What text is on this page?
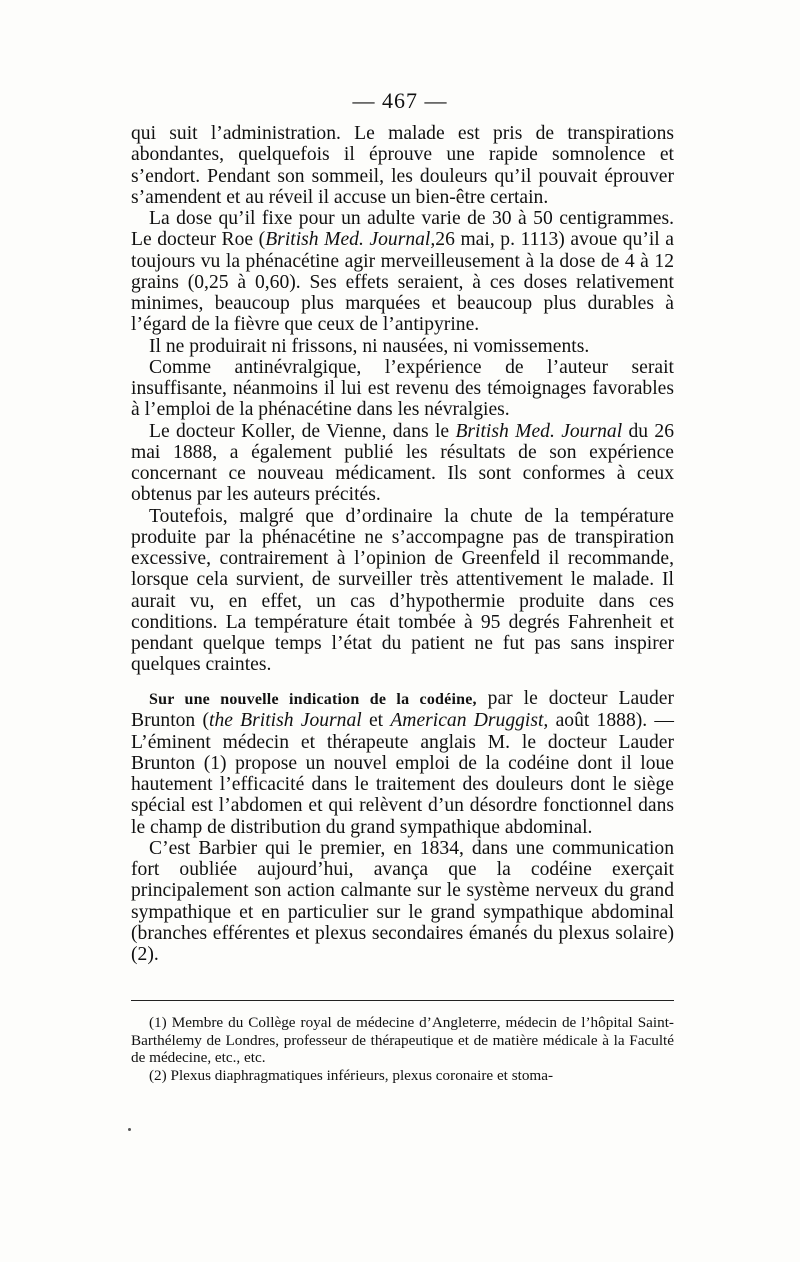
— 467 —

qui suit l’administration. Le malade est pris de transpirations abondantes, quelquefois il éprouve une rapide somnolence et s’endort. Pendant son sommeil, les douleurs qu’il pouvait éprouver s’amendent et au réveil il accuse un bien-être certain.

La dose qu’il fixe pour un adulte varie de 30 à 50 centigrammes. Le docteur Roe (British Med. Journal,26 mai, p. 1113) avoue qu’il a toujours vu la phénacétine agir merveilleusement à la dose de 4 à 12 grains (0,25 à 0,60). Ses effets seraient, à ces doses relativement minimes, beaucoup plus marquées et beaucoup plus durables à l’égard de la fièvre que ceux de l’antipyrine.

Il ne produirait ni frissons, ni nausées, ni vomissements.

Comme antinévralgique, l’expérience de l’auteur serait insuffisante, néanmoins il lui est revenu des témoignages favorables à l’emploi de la phénacétine dans les névralgies.

Le docteur Koller, de Vienne, dans le British Med. Journal du 26 mai 1888, a également publié les résultats de son expérience concernant ce nouveau médicament. Ils sont conformes à ceux obtenus par les auteurs précités.

Toutefois, malgré que d’ordinaire la chute de la température produite par la phénacétine ne s’accompagne pas de transpiration excessive, contrairement à l’opinion de Greenfeld il recommande, lorsque cela survient, de surveiller très attentivement le malade. Il aurait vu, en effet, un cas d’hypothermie produite dans ces conditions. La température était tombée à 95 degrés Fahrenheit et pendant quelque temps l’état du patient ne fut pas sans inspirer quelques craintes.

Sur une nouvelle indication de la codéine, par le docteur Lauder Brunton (the British Journal et American Druggist, août 1888). — L’éminent médecin et thérapeute anglais M. le docteur Lauder Brunton (1) propose un nouvel emploi de la codéine dont il loue hautement l’efficacité dans le traitement des douleurs dont le siège spécial est l’abdomen et qui relèvent d’un désordre fonctionnel dans le champ de distribution du grand sympathique abdominal.

C’est Barbier qui le premier, en 1834, dans une communication fort oubliée aujourd’hui, avança que la codéine exerçait principalement son action calmante sur le système nerveux du grand sympathique et en particulier sur le grand sympathique abdominal (branches efférentes et plexus secondaires émanés du plexus solaire) (2).

(1) Membre du Collège royal de médecine d’Angleterre, médecin de l’hôpital Saint-Barthélemy de Londres, professeur de thérapeutique et de matière médicale à la Faculté de médecine, etc., etc.

(2) Plexus diaphragmatiques inférieurs, plexus coronaire et stoma-
